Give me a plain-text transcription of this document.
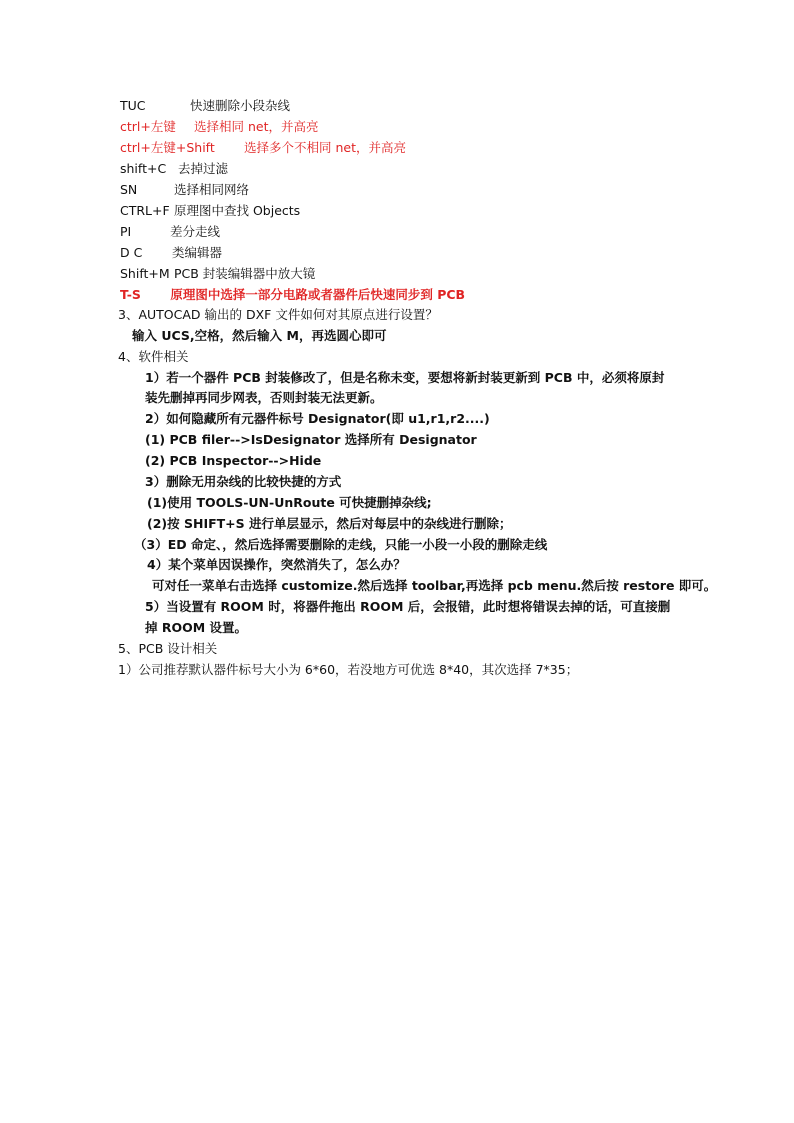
TUC	快速删除小段杂线
ctrl+左键 选择相同 net，并高亮
ctrl+左键+Shift 选择多个不相同 net，并高亮
shift+C 去掉过滤
SN	选择相同网络
CTRL+F 原理图中查找 Objects
PI	差分走线
D C 类编辑器
Shift+M PCB 封装编辑器中放大镜
T-S 原理图中选择一部分电路或者器件后快速同步到 PCB
3、AUTOCAD 输出的 DXF 文件如何对其原点进行设置？
输入 UCS,空格，然后输入 M，再选圆心即可
4、软件相关
1）若一个器件 PCB 封装修改了，但是名称未变，要想将新封装更新到 PCB 中，必须将原封
装先删掉再同步网表，否则封装无法更新。
2）如何隐藏所有元器件标号 Designator(即 u1,r1,r2....)
(1) PCB filer-->IsDesignator 选择所有 Designator
(2) PCB Inspector-->Hide
3）删除无用杂线的比较快捷的方式
(1)使用 TOOLS-UN-UnRoute 可快捷删掉杂线;
(2)按 SHIFT+S 进行单层显示，然后对每层中的杂线进行删除；
（3）ED 命定、，然后选择需要删除的走线，只能一小段一小段的删除走线
4）某个菜单因误操作，突然消失了，怎么办？
可对任一菜单右击选择 customize.然后选择 toolbar,再选择 pcb menu.然后按 restore 即可。
5）当设置有 ROOM 时，将器件拖出 ROOM 后，会报错，此时想将错误去掉的话，可直接删
掉 ROOM 设置。
5、PCB 设计相关
1）公司推荐默认器件标号大小为 6*60，若没地方可优选 8*40，其次选择 7*35；
